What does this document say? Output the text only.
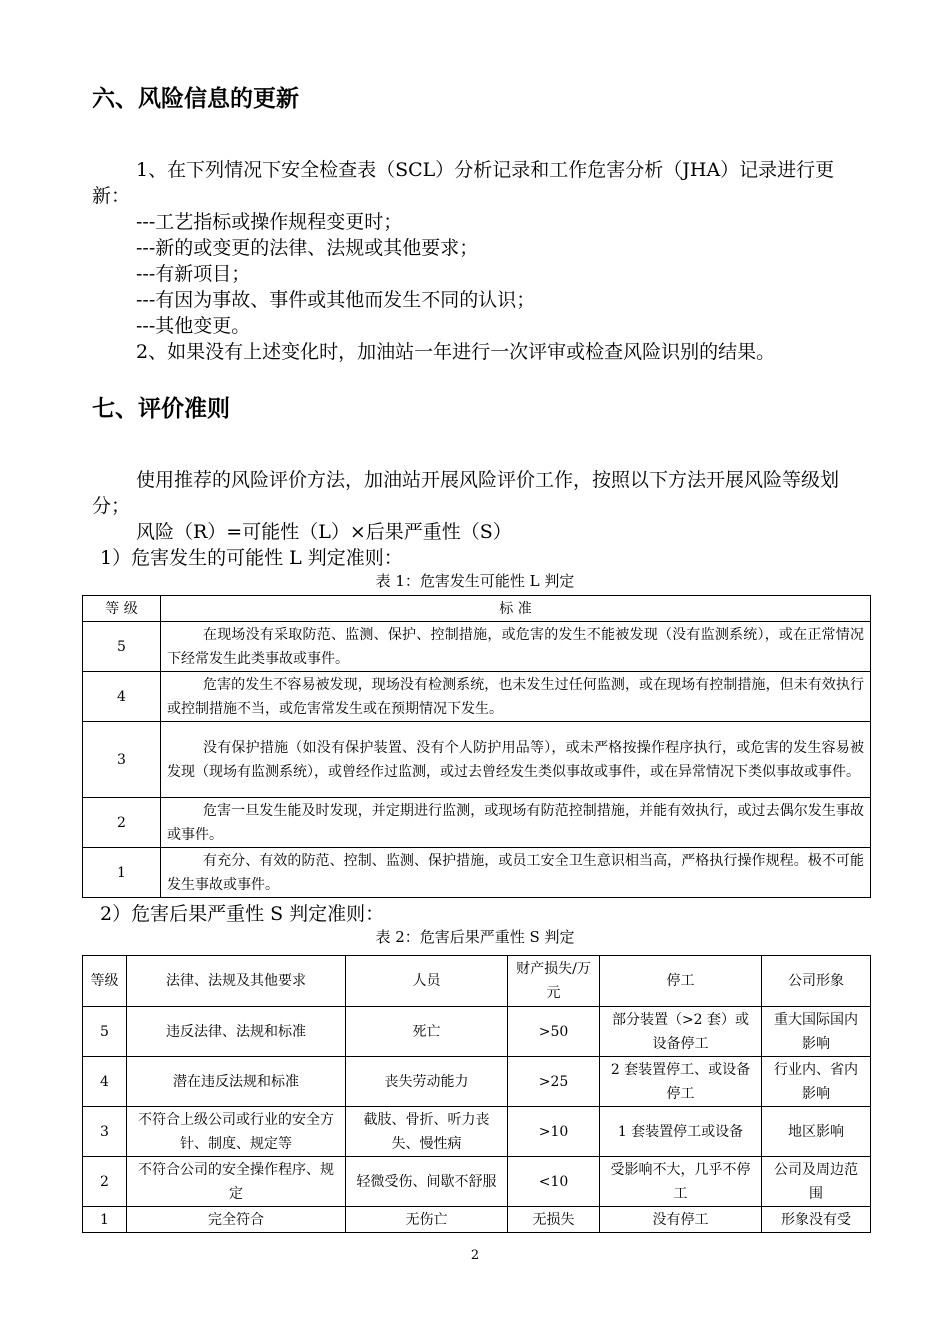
六、风险信息的更新
1、在下列情况下安全检查表（SCL）分析记录和工作危害分析（JHA）记录进行更新：
---工艺指标或操作规程变更时；
---新的或变更的法律、法规或其他要求；
---有新项目；
---有因为事故、事件或其他而发生不同的认识；
---其他变更。
2、如果没有上述变化时，加油站一年进行一次评审或检查风险识别的结果。
七、评价准则
使用推荐的风险评价方法，加油站开展风险评价工作，按照以下方法开展风险等级划分；
风险（R）=可能性（L）×后果严重性（S）
1）危害发生的可能性 L 判定准则：
表 1：危害发生可能性 L 判定
等 级	标 准
5	在现场没有采取防范、监测、保护、控制措施，或危害的发生不能被发现（没有监测系统），或在正常情况下经常发生此类事故或事件。
4	危害的发生不容易被发现，现场没有检测系统，也未发生过任何监测，或在现场有控制措施，但未有效执行或控制措施不当，或危害常发生或在预期情况下发生。
3	没有保护措施（如没有保护装置、没有个人防护用品等），或未严格按操作程序执行，或危害的发生容易被发现（现场有监测系统），或曾经作过监测，或过去曾经发生类似事故或事件，或在异常情况下类似事故或事件。
2	危害一旦发生能及时发现，并定期进行监测，或现场有防范控制措施，并能有效执行，或过去偶尔发生事故或事件。
1	有充分、有效的防范、控制、监测、保护措施，或员工安全卫生意识相当高，严格执行操作规程。极不可能发生事故或事件。
2）危害后果严重性 S 判定准则：
表 2：危害后果严重性 S 判定
等级	法律、法规及其他要求	人员	财产损失/万元	停工	公司形象
5	违反法律、法规和标准	死亡	>50	部分装置（>2 套）或设备停工	重大国际国内影响
4	潜在违反法规和标准	丧失劳动能力	>25	2 套装置停工、或设备停工	行业内、省内影响
3	不符合上级公司或行业的安全方针、制度、规定等	截肢、骨折、听力丧失、慢性病	>10	1 套装置停工或设备	地区影响
2	不符合公司的安全操作程序、规定	轻微受伤、间歇不舒服	<10	受影响不大，几乎不停工	公司及周边范围
1	完全符合	无伤亡	无损失	没有停工	形象没有受
2
